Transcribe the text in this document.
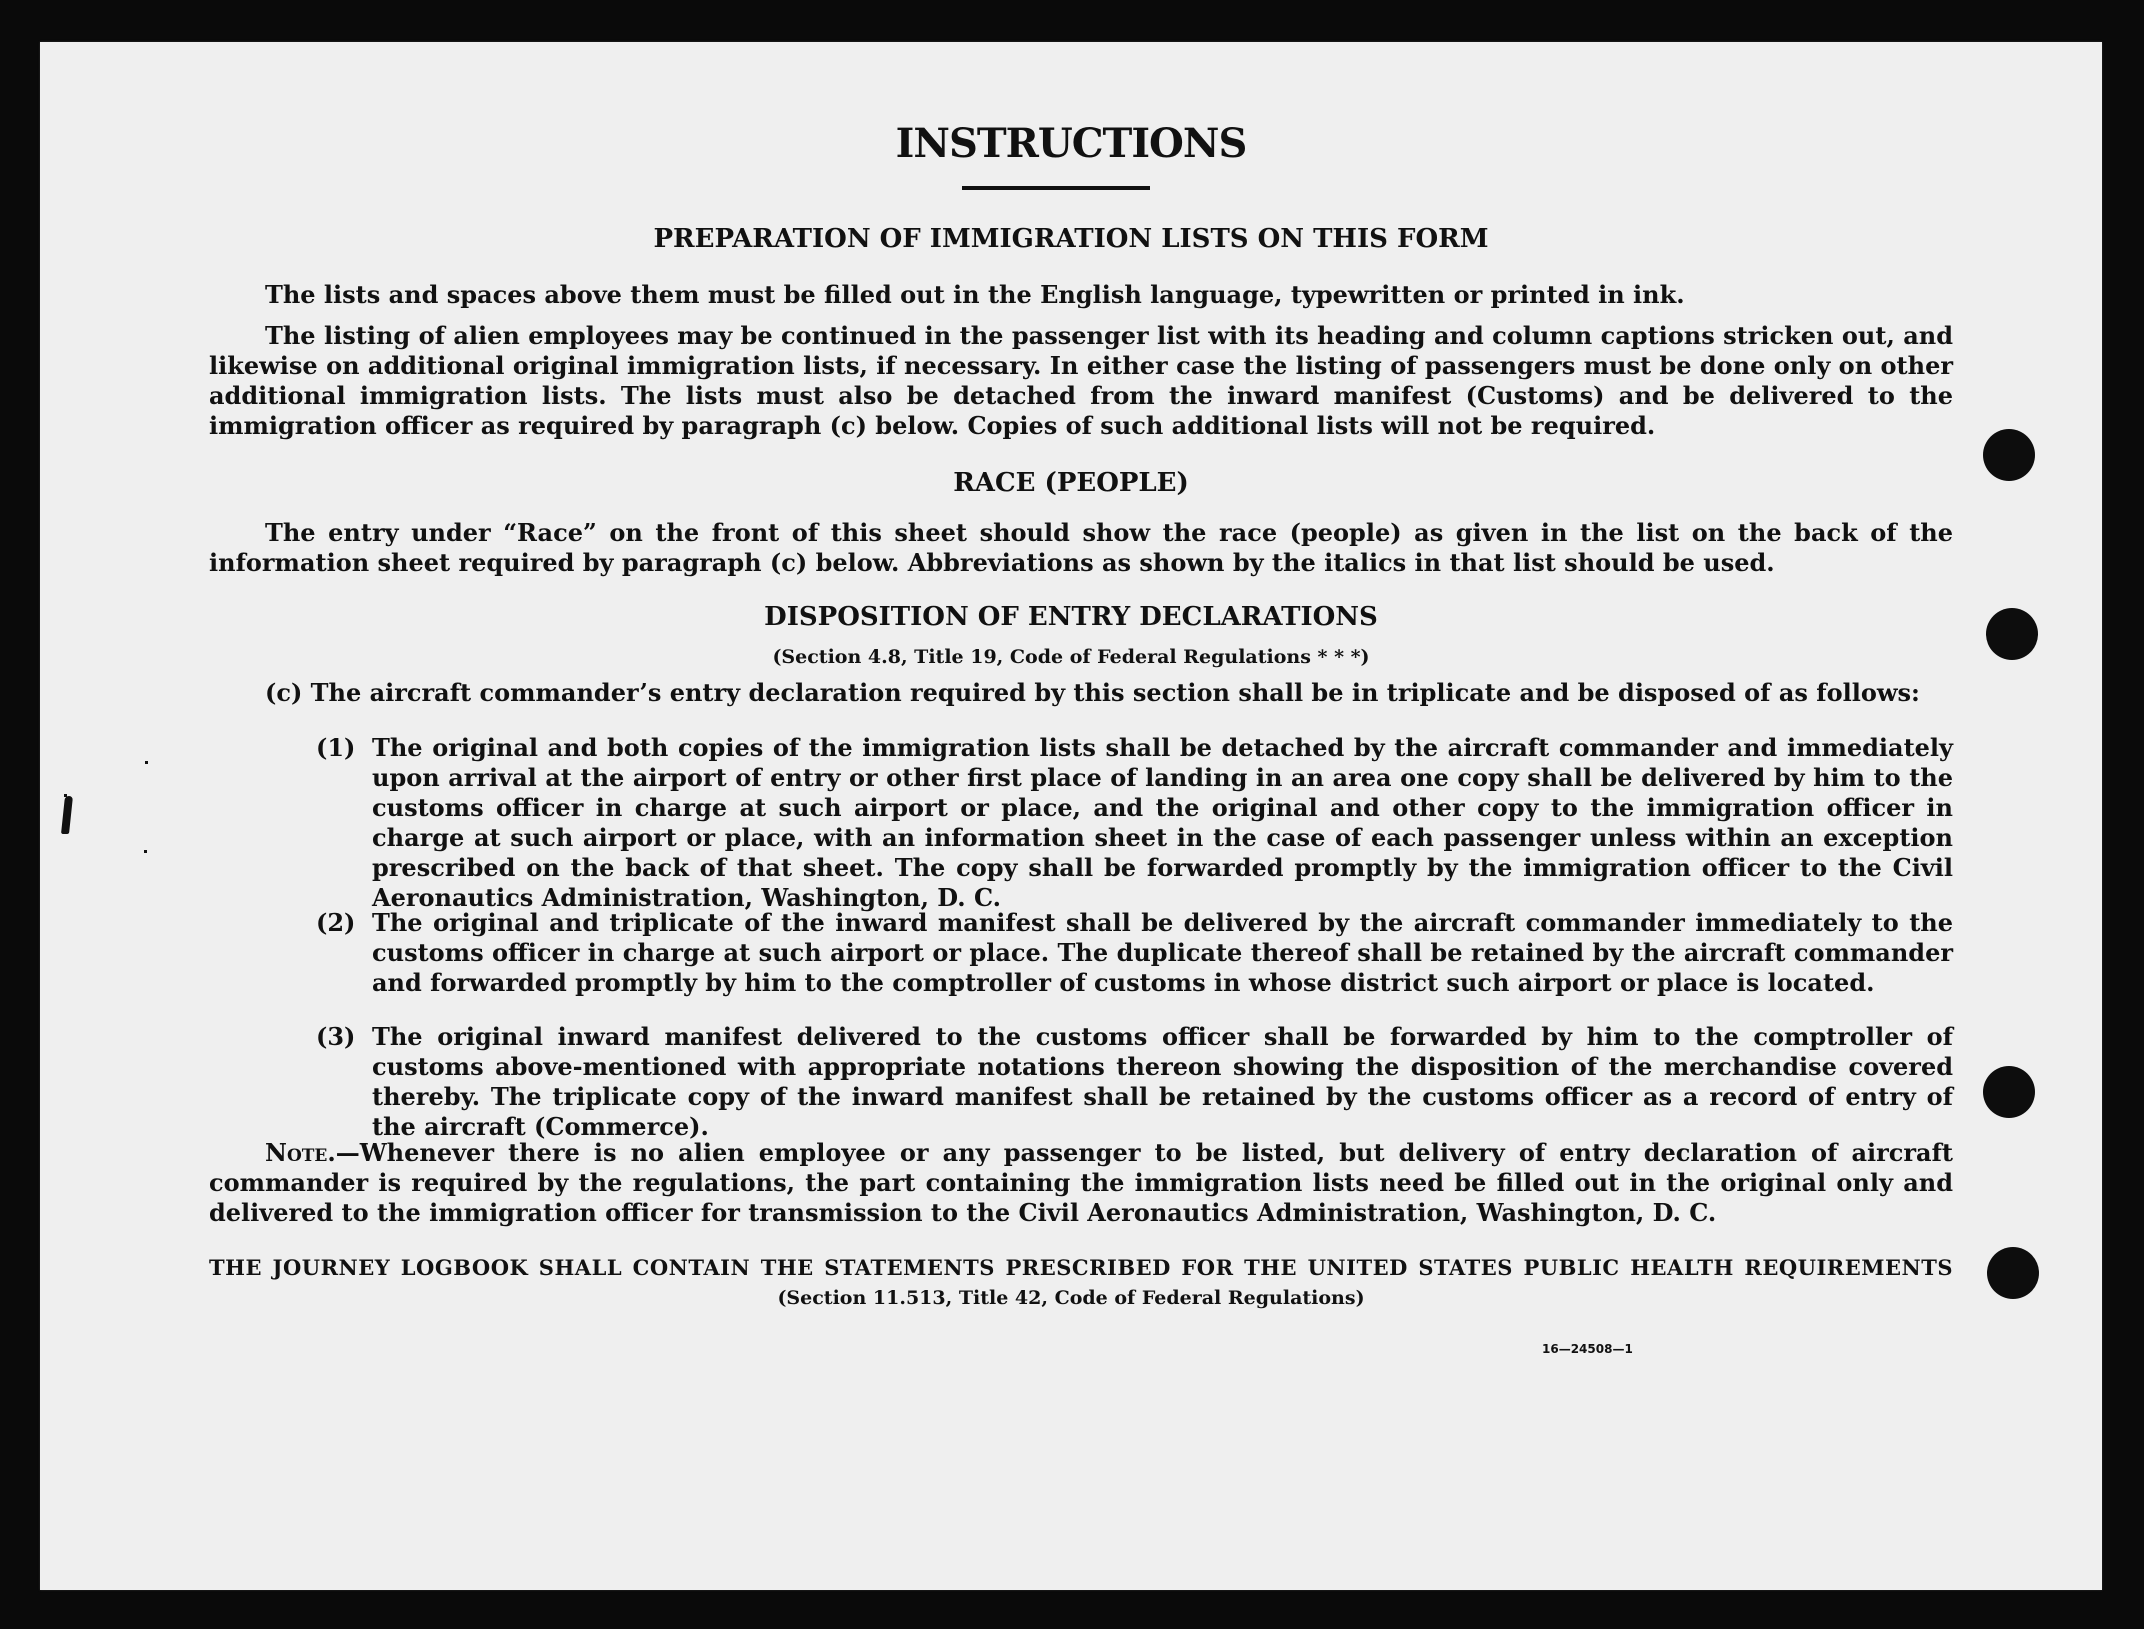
INSTRUCTIONS
PREPARATION OF IMMIGRATION LISTS ON THIS FORM
The lists and spaces above them must be filled out in the English language, typewritten or printed in ink.
The listing of alien employees may be continued in the passenger list with its heading and column captions stricken out, and likewise on additional original immigration lists, if necessary. In either case the listing of passengers must be done only on other additional immigration lists. The lists must also be detached from the inward manifest (Customs) and be delivered to the immigration officer as required by paragraph (c) below. Copies of such additional lists will not be required.
RACE (PEOPLE)
The entry under “Race” on the front of this sheet should show the race (people) as given in the list on the back of the information sheet required by paragraph (c) below. Abbreviations as shown by the italics in that list should be used.
DISPOSITION OF ENTRY DECLARATIONS
(Section 4.8, Title 19, Code of Federal Regulations * * *)
(c) The aircraft commander’s entry declaration required by this section shall be in triplicate and be disposed of as follows:
(1) The original and both copies of the immigration lists shall be detached by the aircraft commander and immediately upon arrival at the airport of entry or other first place of landing in an area one copy shall be delivered by him to the customs officer in charge at such airport or place, and the original and other copy to the immigration officer in charge at such airport or place, with an information sheet in the case of each passenger unless within an exception prescribed on the back of that sheet. The copy shall be forwarded promptly by the immigration officer to the Civil Aeronautics Administration, Washington, D. C.
(2) The original and triplicate of the inward manifest shall be delivered by the aircraft commander immediately to the customs officer in charge at such airport or place. The duplicate thereof shall be retained by the aircraft commander and forwarded promptly by him to the comptroller of customs in whose district such airport or place is located.
(3) The original inward manifest delivered to the customs officer shall be forwarded by him to the comptroller of customs above-mentioned with appropriate notations thereon showing the disposition of the merchandise covered thereby. The triplicate copy of the inward manifest shall be retained by the customs officer as a record of entry of the aircraft (Commerce).
Note.—Whenever there is no alien employee or any passenger to be listed, but delivery of entry declaration of aircraft commander is required by the regulations, the part containing the immigration lists need be filled out in the original only and delivered to the immigration officer for transmission to the Civil Aeronautics Administration, Washington, D. C.
THE JOURNEY LOGBOOK SHALL CONTAIN THE STATEMENTS PRESCRIBED FOR THE UNITED STATES PUBLIC HEALTH REQUIREMENTS
(Section 11.513, Title 42, Code of Federal Regulations)
16—24508—1
